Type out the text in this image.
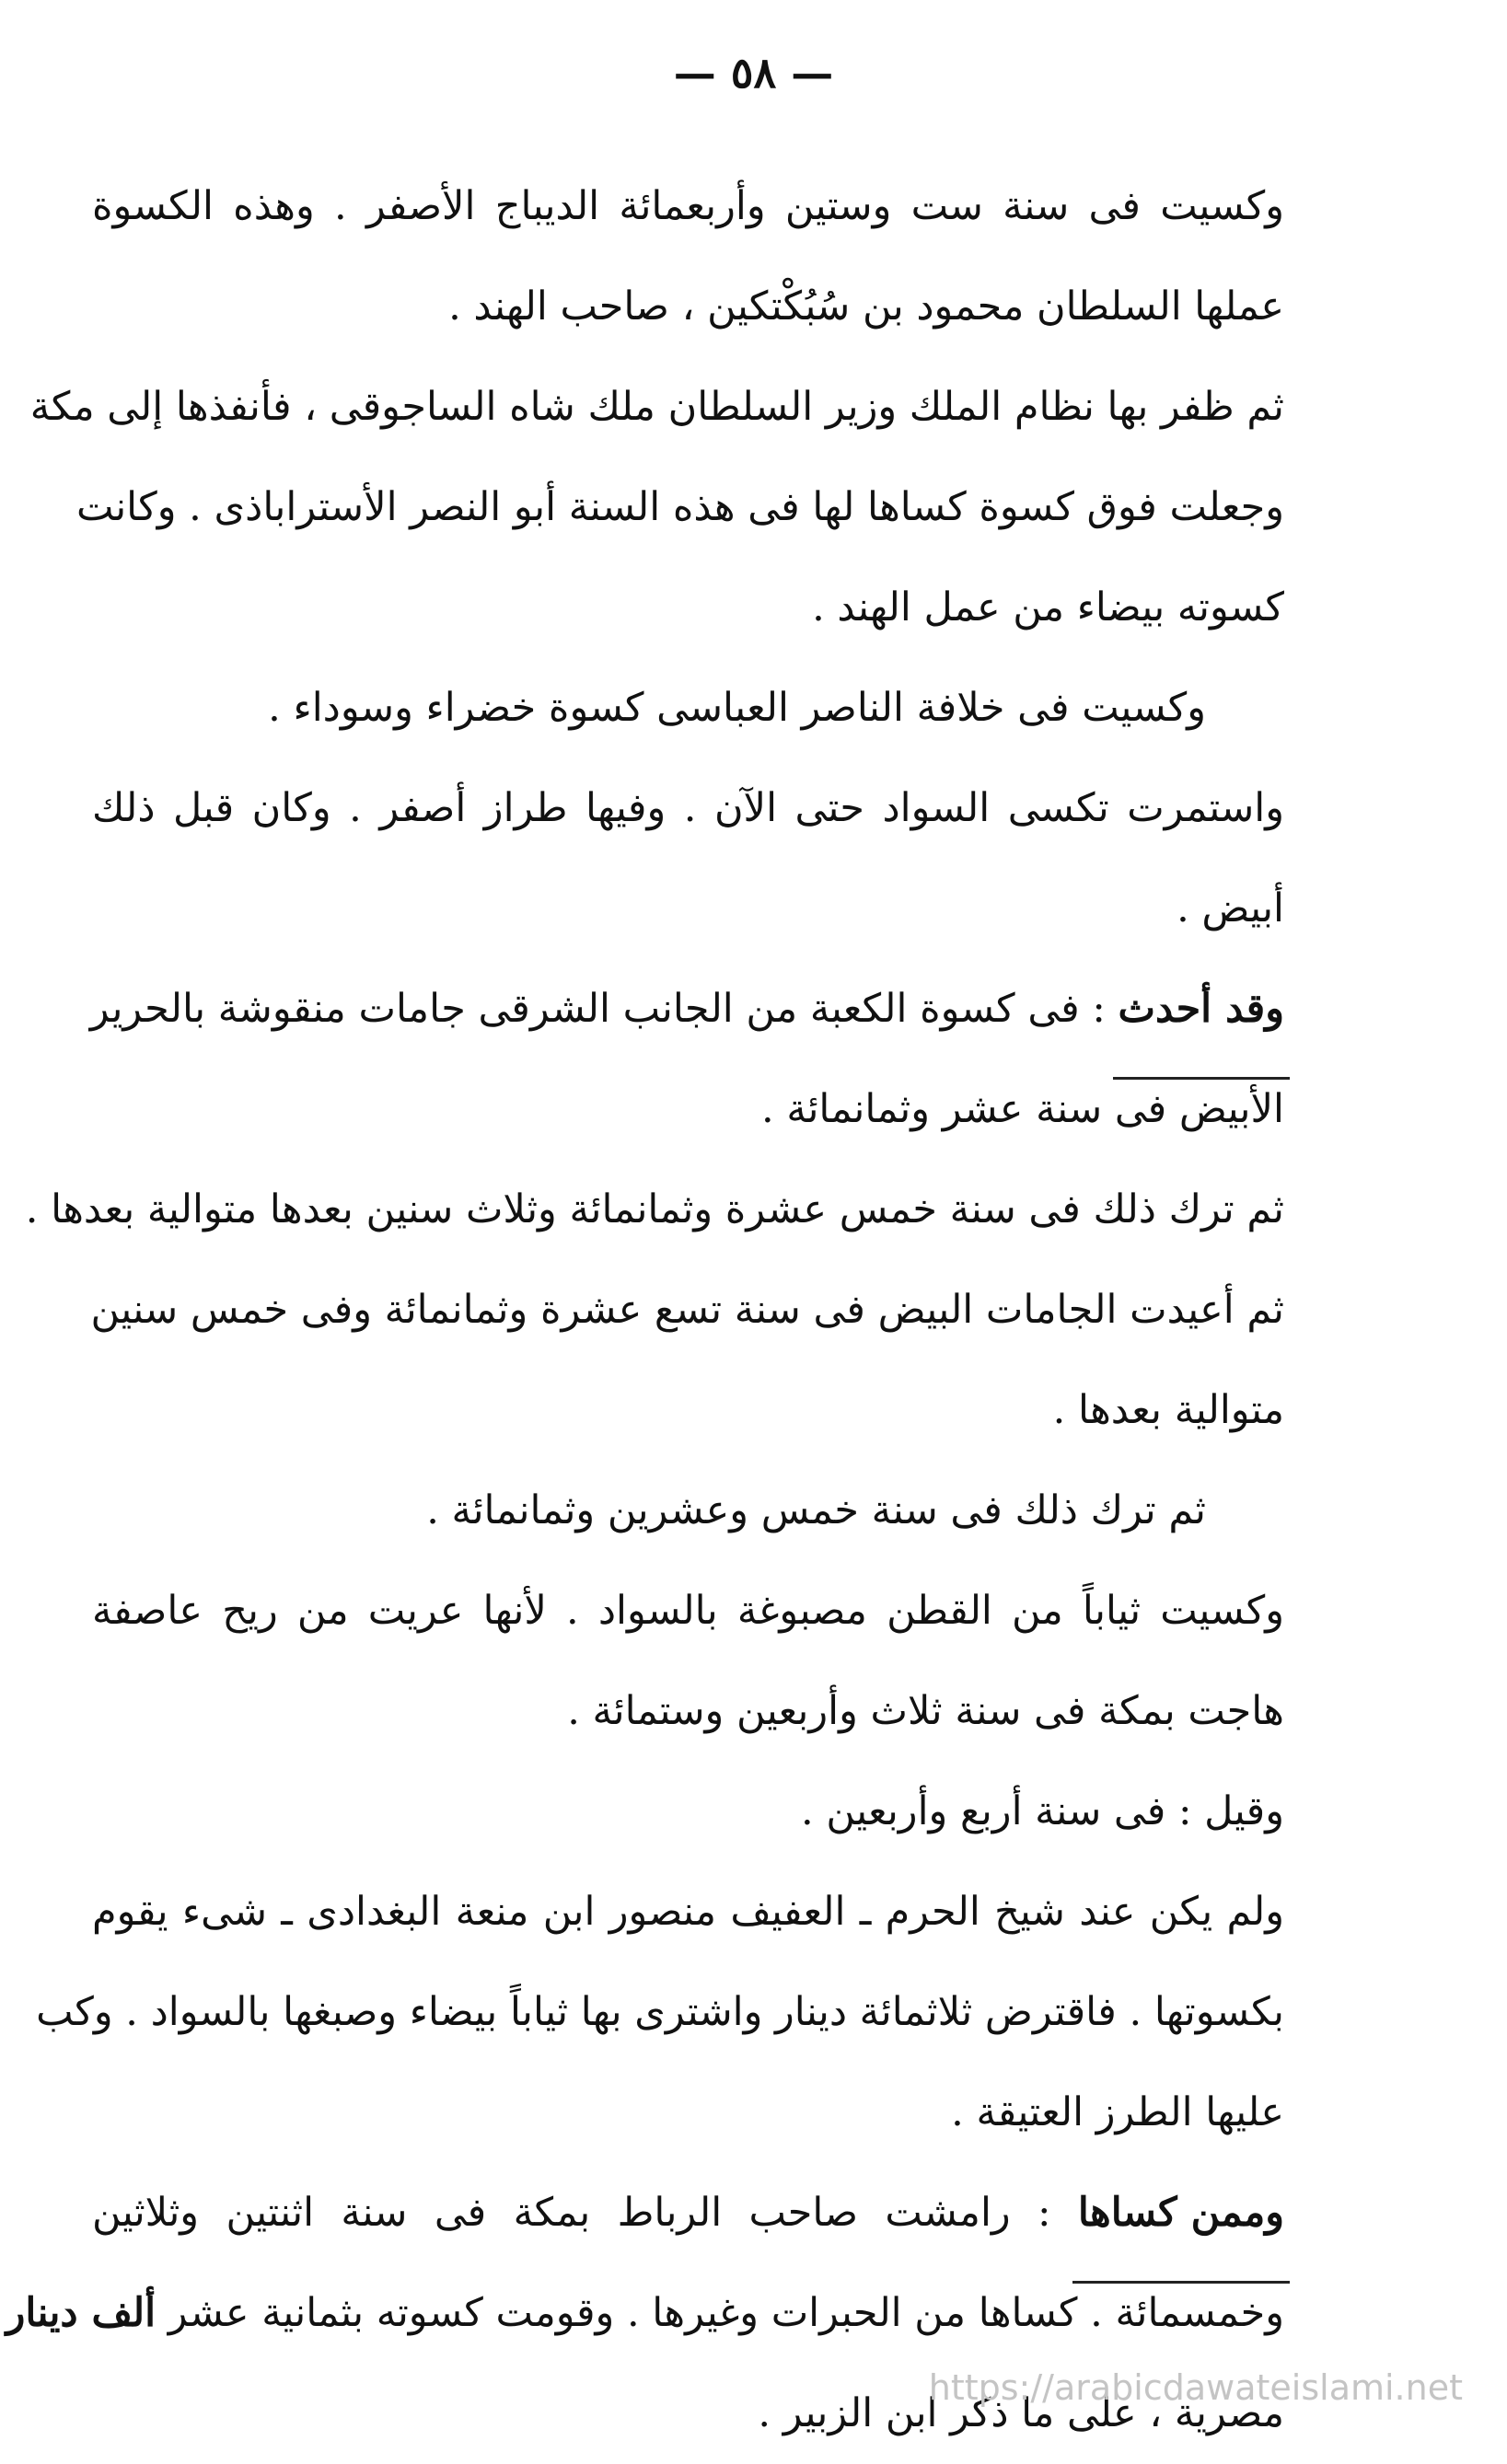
— ٥٨ —
وكسيت فى سنة ست وستين وأربعمائة الديباج الأصفر . وهذه الكسوة
عملها السلطان محمود بن سُبُكْتكين ، صاحب الهند .
ثم ظفر بها نظام الملك وزير السلطان ملك شاه الساجوقى ، فأنفذها إلى مكة
وجعلت فوق كسوة كساها لها فى هذه السنة أبو النصر الأستراباذى . وكانت
كسوته بيضاء من عمل الهند .
وكسيت فى خلافة الناصر العباسى كسوة خضراء وسوداء .
واستمرت تكسى السواد حتى الآن . وفيها طراز أصفر . وكان قبل ذلك
أبيض .
وقد أحدث : فى كسوة الكعبة من الجانب الشرقى جامات منقوشة بالحرير
الأبيض فى سنة عشر وثمانمائة .
ثم ترك ذلك فى سنة خمس عشرة وثمانمائة وثلاث سنين بعدها متوالية بعدها .
ثم أعيدت الجامات البيض فى سنة تسع عشرة وثمانمائة وفى خمس سنين
متوالية بعدها .
ثم ترك ذلك فى سنة خمس وعشرين وثمانمائة .
وكسيت ثياباً من القطن مصبوغة بالسواد . لأنها عريت من ريح عاصفة
هاجت بمكة فى سنة ثلاث وأربعين وستمائة .
وقيل : فى سنة أربع وأربعين .
ولم يكن عند شيخ الحرم ـ العفيف منصور ابن منعة البغدادى ـ شىء يقوم
بكسوتها . فاقترض ثلاثمائة دينار واشترى بها ثياباً بيضاء وصبغها بالسواد . وكب
عليها الطرز العتيقة .
وممن كساها : رامشت صاحب الرباط بمكة فى سنة اثنتين وثلاثين
وخمسمائة . كساها من الحبرات وغيرها . وقومت كسوته بثمانية عشر ألف دينار
مصرية ، على ما ذكر ابن الزبير .
https://arabicdawateislami.net
